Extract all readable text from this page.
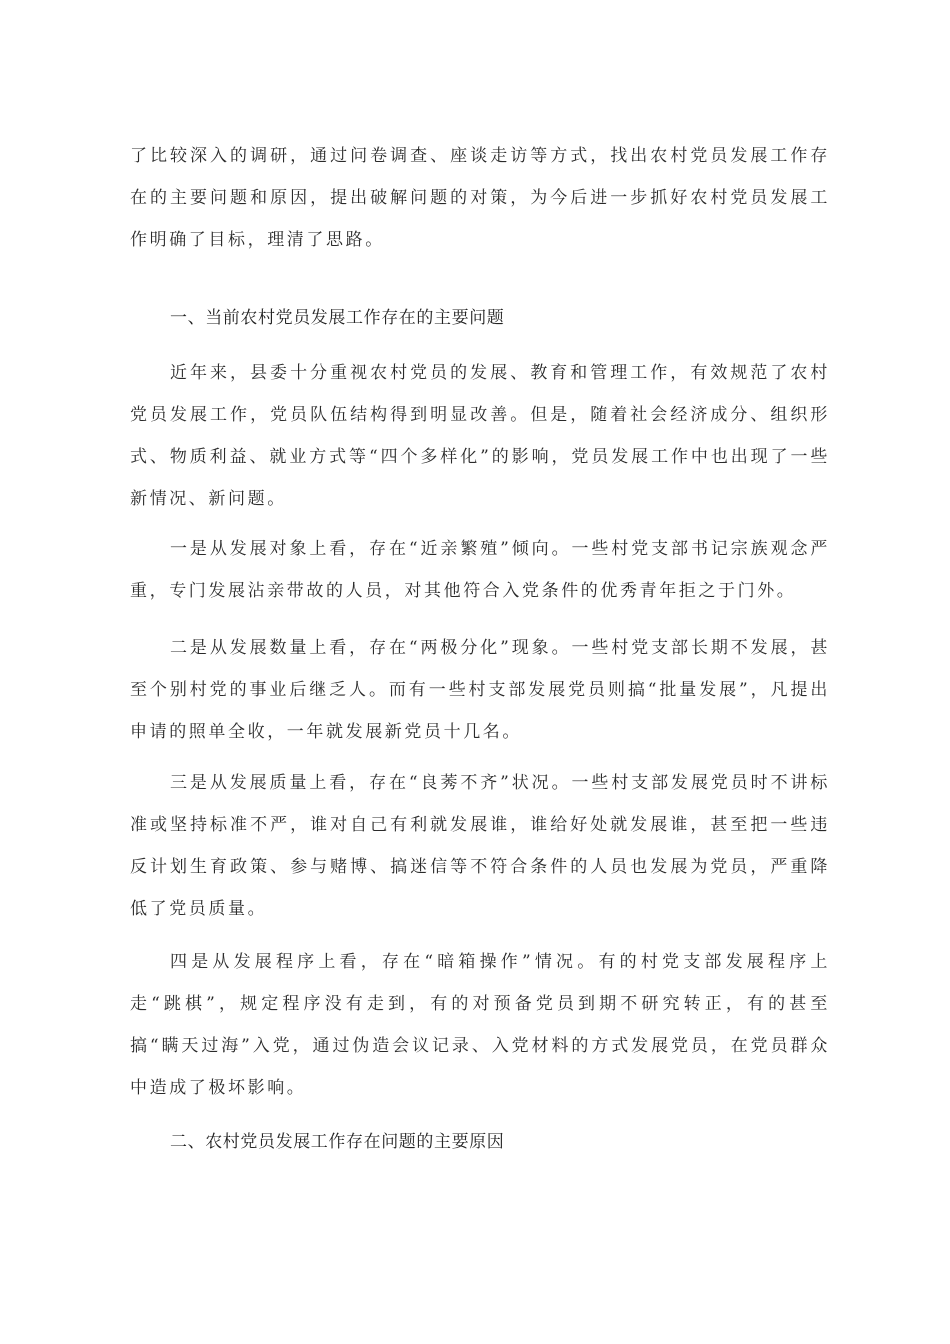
了比较深入的调研，通过问卷调查、座谈走访等方式，找出农村党员发展工作存在的主要问题和原因，提出破解问题的对策，为今后进一步抓好农村党员发展工作明确了目标，理清了思路。

一、当前农村党员发展工作存在的主要问题

近年来，县委十分重视农村党员的发展、教育和管理工作，有效规范了农村党员发展工作，党员队伍结构得到明显改善。但是，随着社会经济成分、组织形式、物质利益、就业方式等“四个多样化”的影响，党员发展工作中也出现了一些新情况、新问题。

一是从发展对象上看，存在“近亲繁殖”倾向。一些村党支部书记宗族观念严重，专门发展沾亲带故的人员，对其他符合入党条件的优秀青年拒之于门外。

二是从发展数量上看，存在“两极分化”现象。一些村党支部长期不发展，甚至个别村党的事业后继乏人。而有一些村支部发展党员则搞“批量发展”，凡提出申请的照单全收，一年就发展新党员十几名。

三是从发展质量上看，存在“良莠不齐”状况。一些村支部发展党员时不讲标准或坚持标准不严，谁对自己有利就发展谁，谁给好处就发展谁，甚至把一些违反计划生育政策、参与赌博、搞迷信等不符合条件的人员也发展为党员，严重降低了党员质量。

四是从发展程序上看，存在“暗箱操作”情况。有的村党支部发展程序上走“跳棋”，规定程序没有走到，有的对预备党员到期不研究转正，有的甚至搞“瞒天过海”入党，通过伪造会议记录、入党材料的方式发展党员，在党员群众中造成了极坏影响。

二、农村党员发展工作存在问题的主要原因
